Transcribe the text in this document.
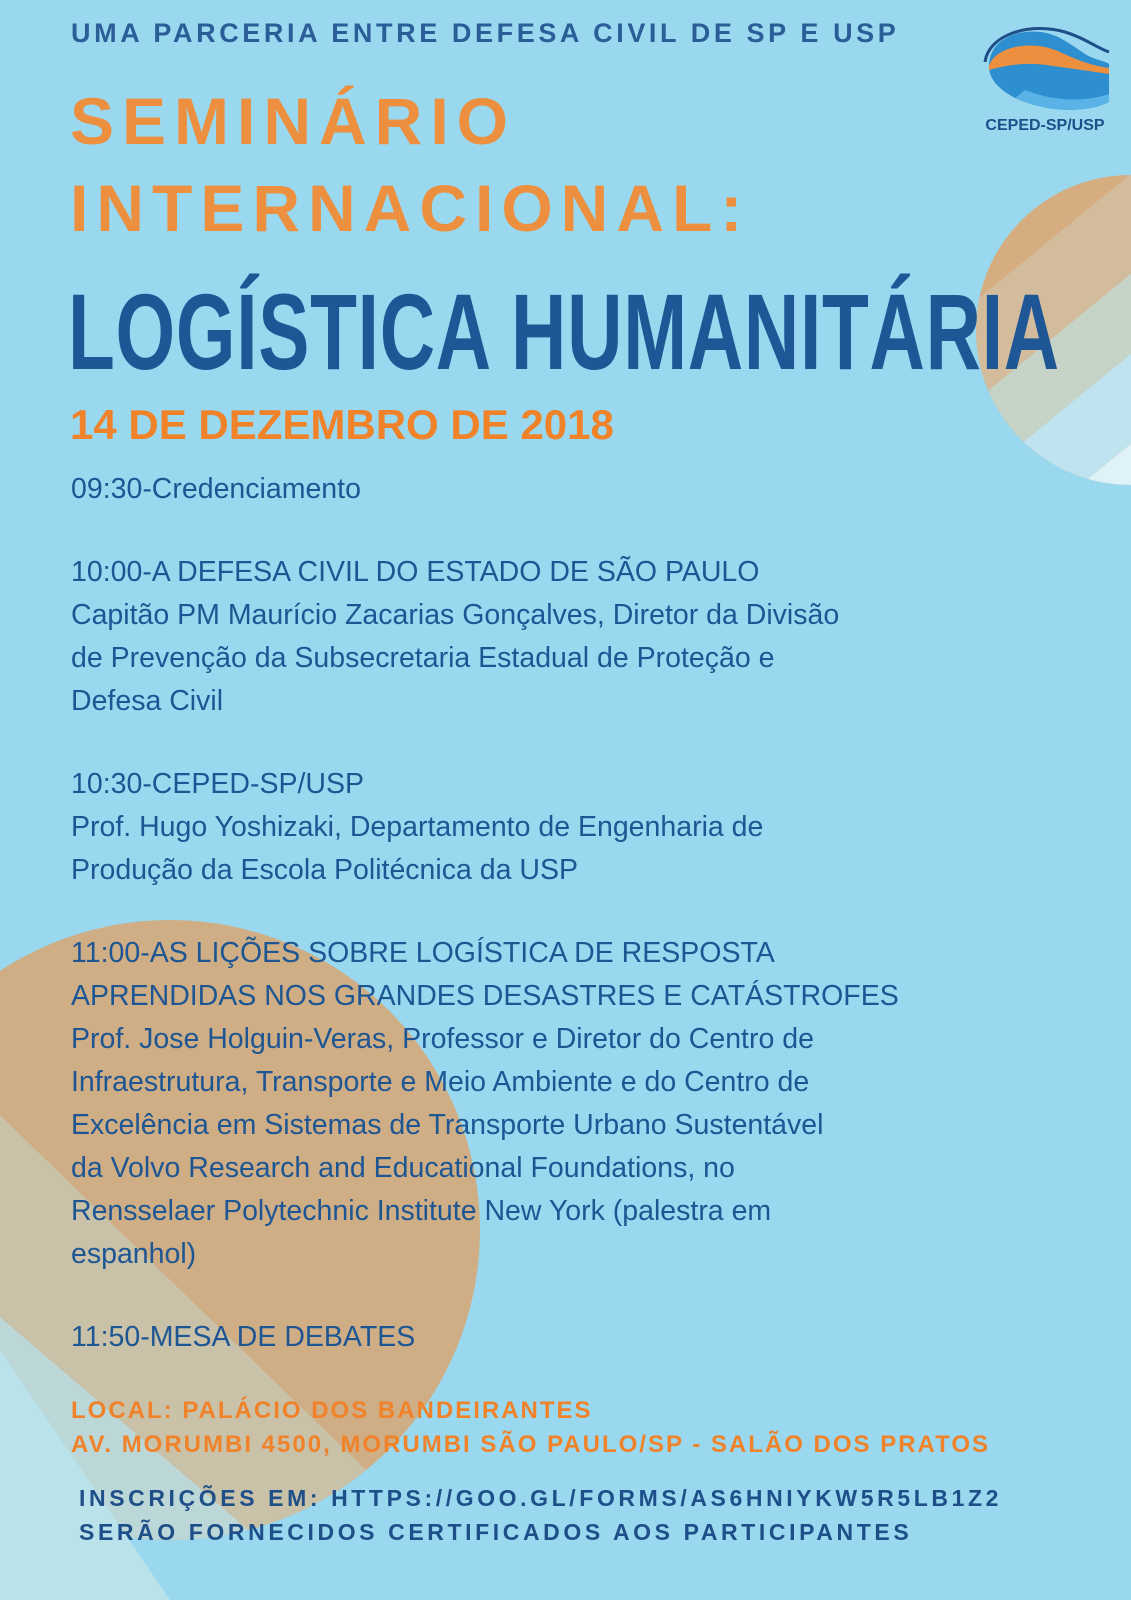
UMA PARCERIA ENTRE DEFESA CIVIL DE SP E USP
SEMINÁRIO
INTERNACIONAL:
LOGÍSTICA HUMANITÁRIA
14 DE DEZEMBRO DE 2018
CEPED-SP/USP
09:30-Credenciamento
10:00-A DEFESA CIVIL DO ESTADO DE SÃO PAULO
Capitão PM Maurício Zacarias Gonçalves, Diretor da Divisão
de Prevenção da Subsecretaria Estadual de Proteção e
Defesa Civil
10:30-CEPED-SP/USP
Prof. Hugo Yoshizaki, Departamento de Engenharia de
Produção da Escola Politécnica da USP
11:00-AS LIÇÕES SOBRE LOGÍSTICA DE RESPOSTA
APRENDIDAS NOS GRANDES DESASTRES E CATÁSTROFES
Prof. Jose Holguin-Veras, Professor e Diretor do Centro de
Infraestrutura, Transporte e Meio Ambiente e do Centro de
Excelência em Sistemas de Transporte Urbano Sustentável
da Volvo Research and Educational Foundations, no
Rensselaer Polytechnic Institute New York (palestra em
espanhol)
11:50-MESA DE DEBATES
LOCAL: PALÁCIO DOS BANDEIRANTES
AV. MORUMBI 4500, MORUMBI SÃO PAULO/SP - SALÃO DOS PRATOS
INSCRIÇÕES EM: HTTPS://GOO.GL/FORMS/AS6HNIYKW5R5LB1Z2
SERÃO FORNECIDOS CERTIFICADOS AOS PARTICIPANTES
